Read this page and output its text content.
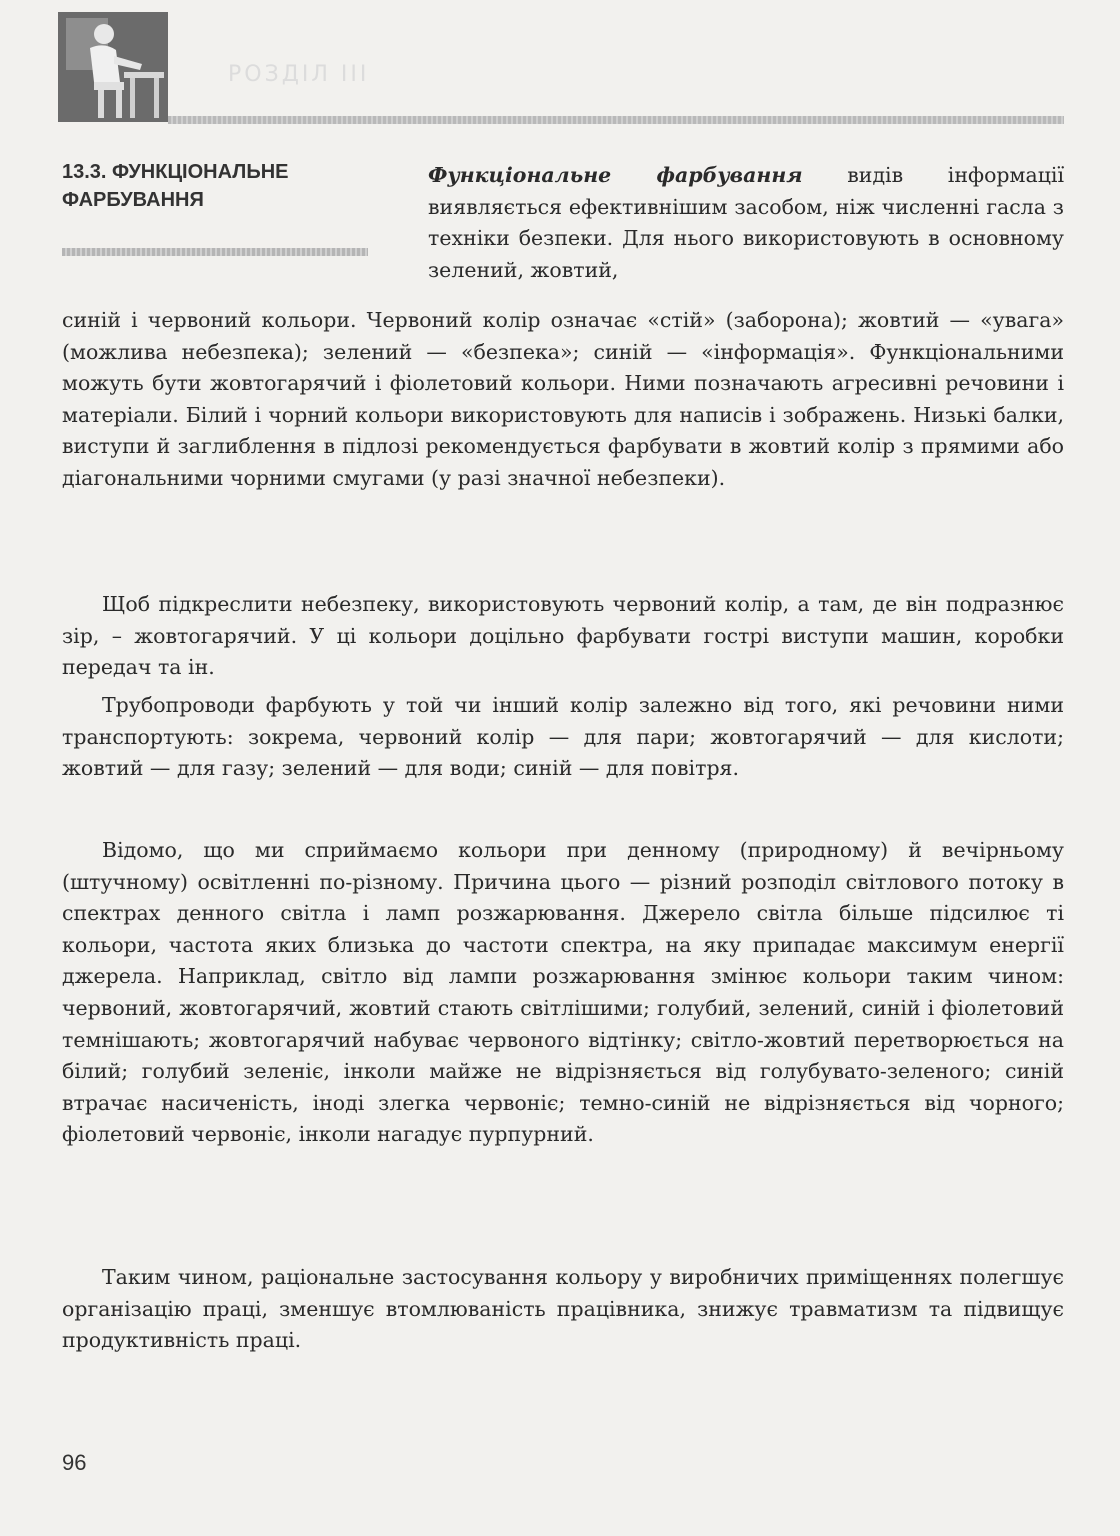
РОЗДІЛ III
13.3. ФУНКЦІОНАЛЬНЕ ФАРБУВАННЯ

Функціональне фарбування видів інформації виявляється ефективнішим засобом, ніж численні гасла з техніки безпеки. Для нього використовують в основному зелений, жовтий,

синій і червоний кольори. Червоний колір означає «стій» (заборона); жовтий — «увага» (можлива небезпека); зелений — «безпека»; синій — «інформація». Функціональними можуть бути жовтогарячий і фіолетовий кольори. Ними позначають агресивні речовини і матеріали. Білий і чорний кольори використовують для написів і зображень. Низькі балки, виступи й заглиблення в підлозі рекомендується фарбувати в жовтий колір з прямими або діагональними чорними смугами (у разі значної небезпеки).

Щоб підкреслити небезпеку, використовують червоний колір, а там, де він подразнює зір, – жовтогарячий. У ці кольори доцільно фарбувати гострі виступи машин, коробки передач та ін.

Трубопроводи фарбують у той чи інший колір залежно від того, які речовини ними транспортують: зокрема, червоний колір — для пари; жовтогарячий — для кислоти; жовтий — для газу; зелений — для води; синій — для повітря.

Відомо, що ми сприймаємо кольори при денному (природному) й вечірньому (штучному) освітленні по-різному. Причина цього — різний розподіл світлового потоку в спектрах денного світла і ламп розжарювання. Джерело світла більше підсилює ті кольори, частота яких близька до частоти спектра, на яку припадає максимум енергії джерела. Наприклад, світло від лампи розжарювання змінює кольори таким чином: червоний, жовтогарячий, жовтий стають світлішими; голубий, зелений, синій і фіолетовий темнішають; жовтогарячий набуває червоного відтінку; світло-жовтий перетворюється на білий; голубий зеленіє, інколи майже не відрізняється від голубувато-зеленого; синій втрачає насиченість, іноді злегка червоніє; темно-синій не відрізняється від чорного; фіолетовий червоніє, інколи нагадує пурпурний.

Таким чином, раціональне застосування кольору у виробничих приміщеннях полегшує організацію праці, зменшує втомлюваність працівника, знижує травматизм та підвищує продуктивність праці.

96
